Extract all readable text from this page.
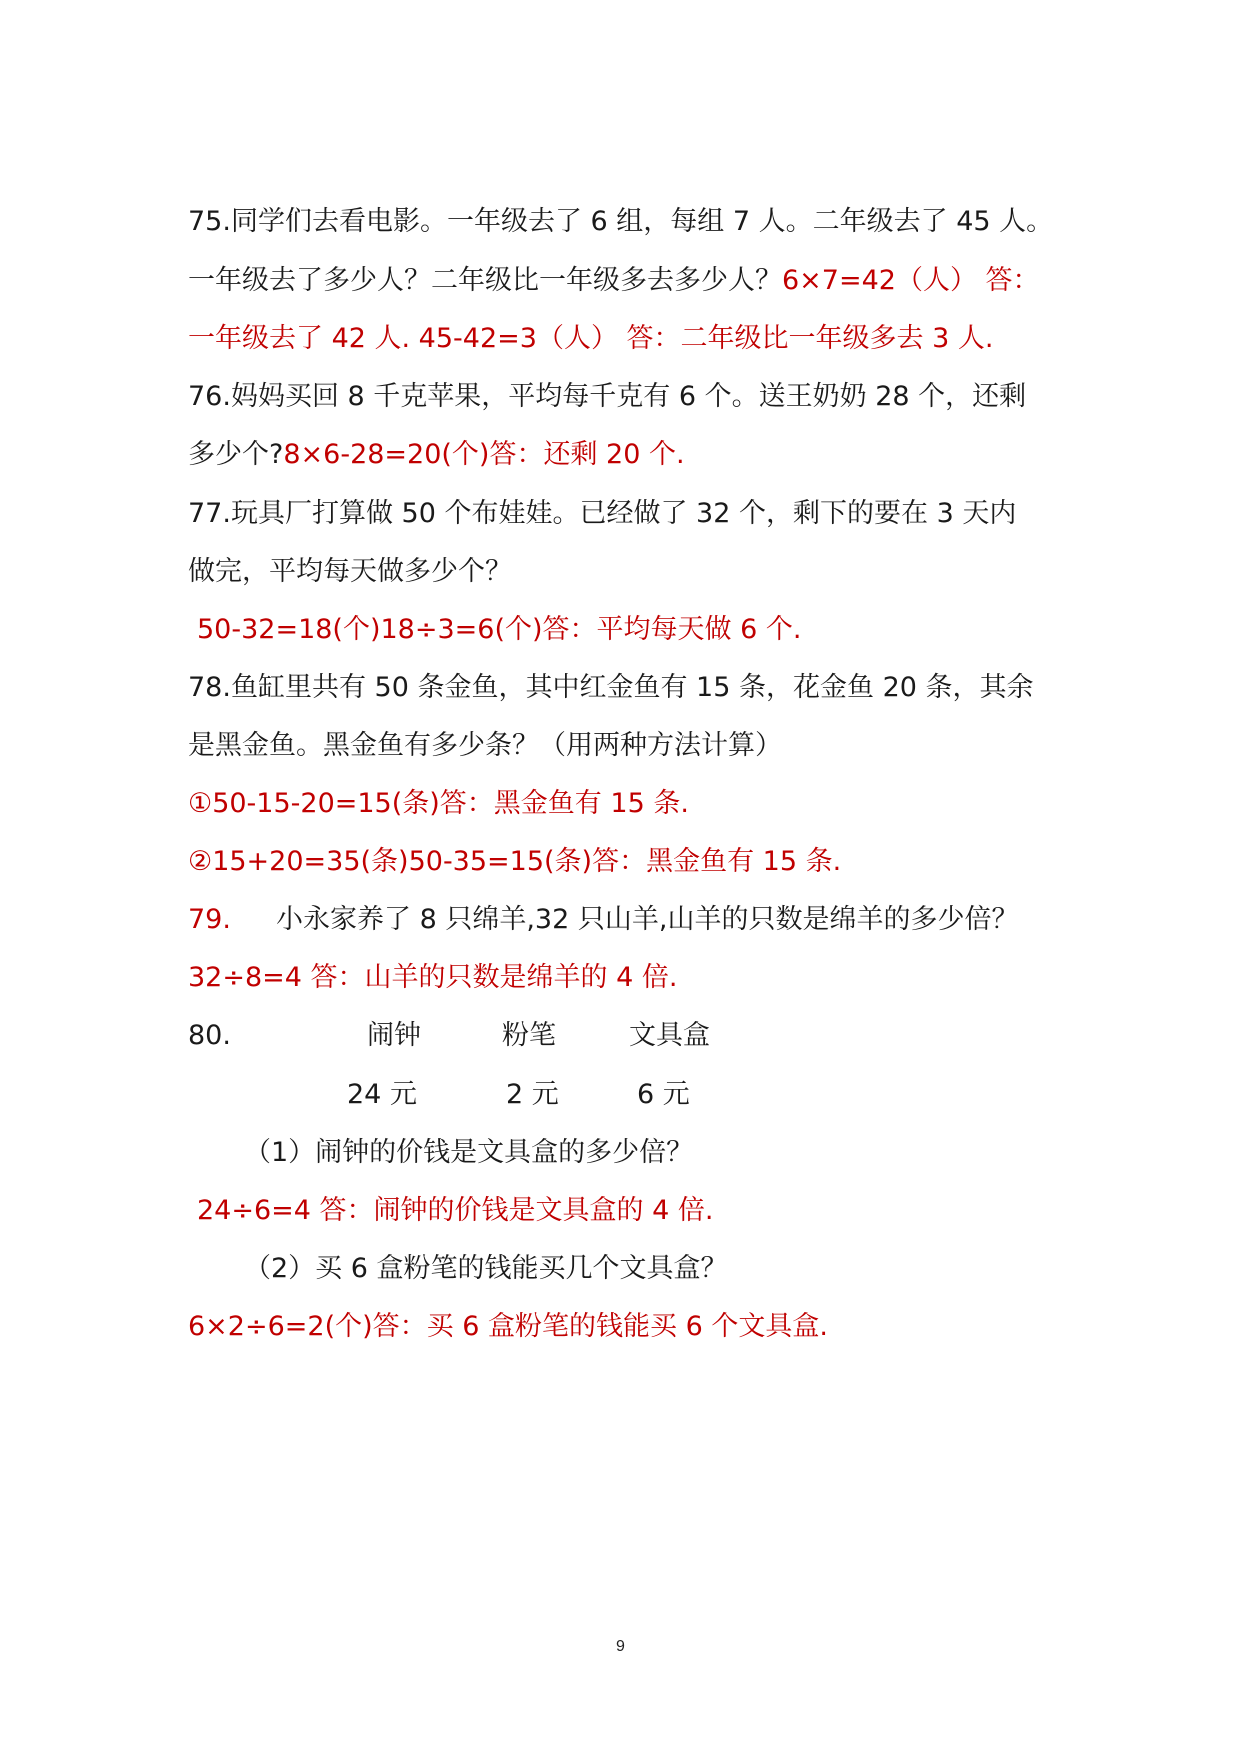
75.同学们去看电影。一年级去了 6 组，每组 7 人。二年级去了 45 人。
一年级去了多少人？二年级比一年级多去多少人？6×7=42（人） 答：
一年级去了 42 人. 45-42=3（人） 答：二年级比一年级多去 3 人.
76.妈妈买回 8 千克苹果，平均每千克有 6 个。送王奶奶 28 个，还剩
多少个?8×6-28=20(个)答：还剩 20 个.
77.玩具厂打算做 50 个布娃娃。已经做了 32 个，剩下的要在 3 天内
做完，平均每天做多少个？
50-32=18(个)18÷3=6(个)答：平均每天做 6 个.
78.鱼缸里共有 50 条金鱼，其中红金鱼有 15 条，花金鱼 20 条，其余
是黑金鱼。黑金鱼有多少条？（用两种方法计算）
①50-15-20=15(条)答：黑金鱼有 15 条.
②15+20=35(条)50-35=15(条)答：黑金鱼有 15 条.
79. 小永家养了 8 只绵羊,32 只山羊,山羊的只数是绵羊的多少倍？
32÷8=4 答：山羊的只数是绵羊的 4 倍.
80.	闹钟	粉笔	文具盒
24 元	2 元	6 元
（1）闹钟的价钱是文具盒的多少倍？
24÷6=4 答：闹钟的价钱是文具盒的 4 倍.
（2）买 6 盒粉笔的钱能买几个文具盒？
6×2÷6=2(个)答：买 6 盒粉笔的钱能买 6 个文具盒.
9
